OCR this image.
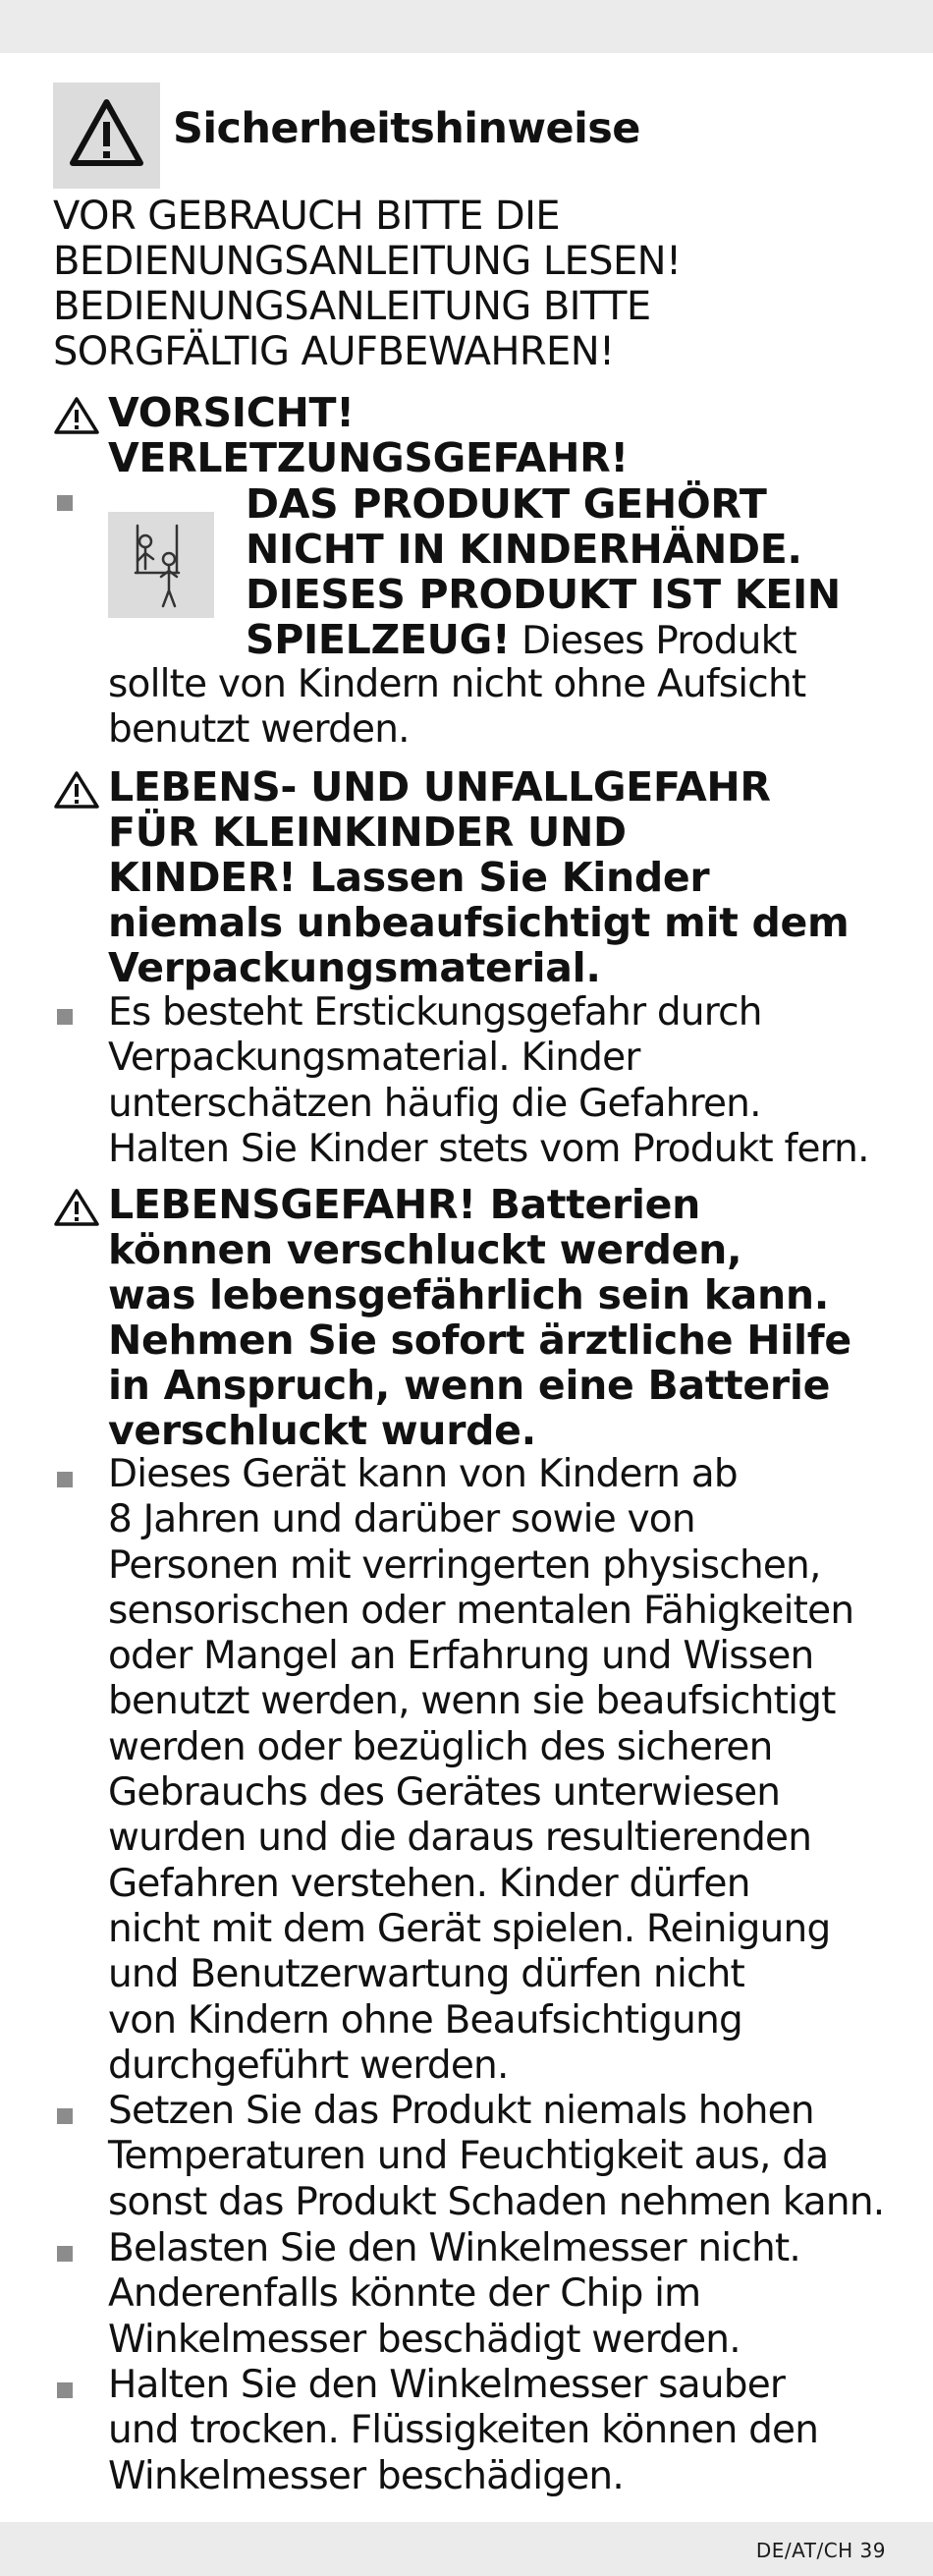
Sicherheitshinweise
VOR GEBRAUCH BITTE DIE
BEDIENUNGSANLEITUNG LESEN!
BEDIENUNGSANLEITUNG BITTE
SORGFÄLTIG AUFBEWAHREN!
VORSICHT!
VERLETZUNGSGEFAHR!
DAS PRODUKT GEHÖRT
NICHT IN KINDERHÄNDE.
DIESES PRODUKT IST KEIN
SPIELZEUG! Dieses Produkt
sollte von Kindern nicht ohne Aufsicht
benutzt werden.
LEBENS- UND UNFALLGEFAHR
FÜR KLEINKINDER UND
KINDER! Lassen Sie Kinder
niemals unbeaufsichtigt mit dem
Verpackungsmaterial.
Es besteht Erstickungsgefahr durch
Verpackungsmaterial. Kinder
unterschätzen häufig die Gefahren.
Halten Sie Kinder stets vom Produkt fern.
LEBENSGEFAHR! Batterien
können verschluckt werden,
was lebensgefährlich sein kann.
Nehmen Sie sofort ärztliche Hilfe
in Anspruch, wenn eine Batterie
verschluckt wurde.
Dieses Gerät kann von Kindern ab
8 Jahren und darüber sowie von
Personen mit verringerten physischen,
sensorischen oder mentalen Fähigkeiten
oder Mangel an Erfahrung und Wissen
benutzt werden, wenn sie beaufsichtigt
werden oder bezüglich des sicheren
Gebrauchs des Gerätes unterwiesen
wurden und die daraus resultierenden
Gefahren verstehen. Kinder dürfen
nicht mit dem Gerät spielen. Reinigung
und Benutzerwartung dürfen nicht
von Kindern ohne Beaufsichtigung
durchgeführt werden.
Setzen Sie das Produkt niemals hohen
Temperaturen und Feuchtigkeit aus, da
sonst das Produkt Schaden nehmen kann.
Belasten Sie den Winkelmesser nicht.
Anderenfalls könnte der Chip im
Winkelmesser beschädigt werden.
Halten Sie den Winkelmesser sauber
und trocken. Flüssigkeiten können den
Winkelmesser beschädigen.
DE/AT/CH 39
